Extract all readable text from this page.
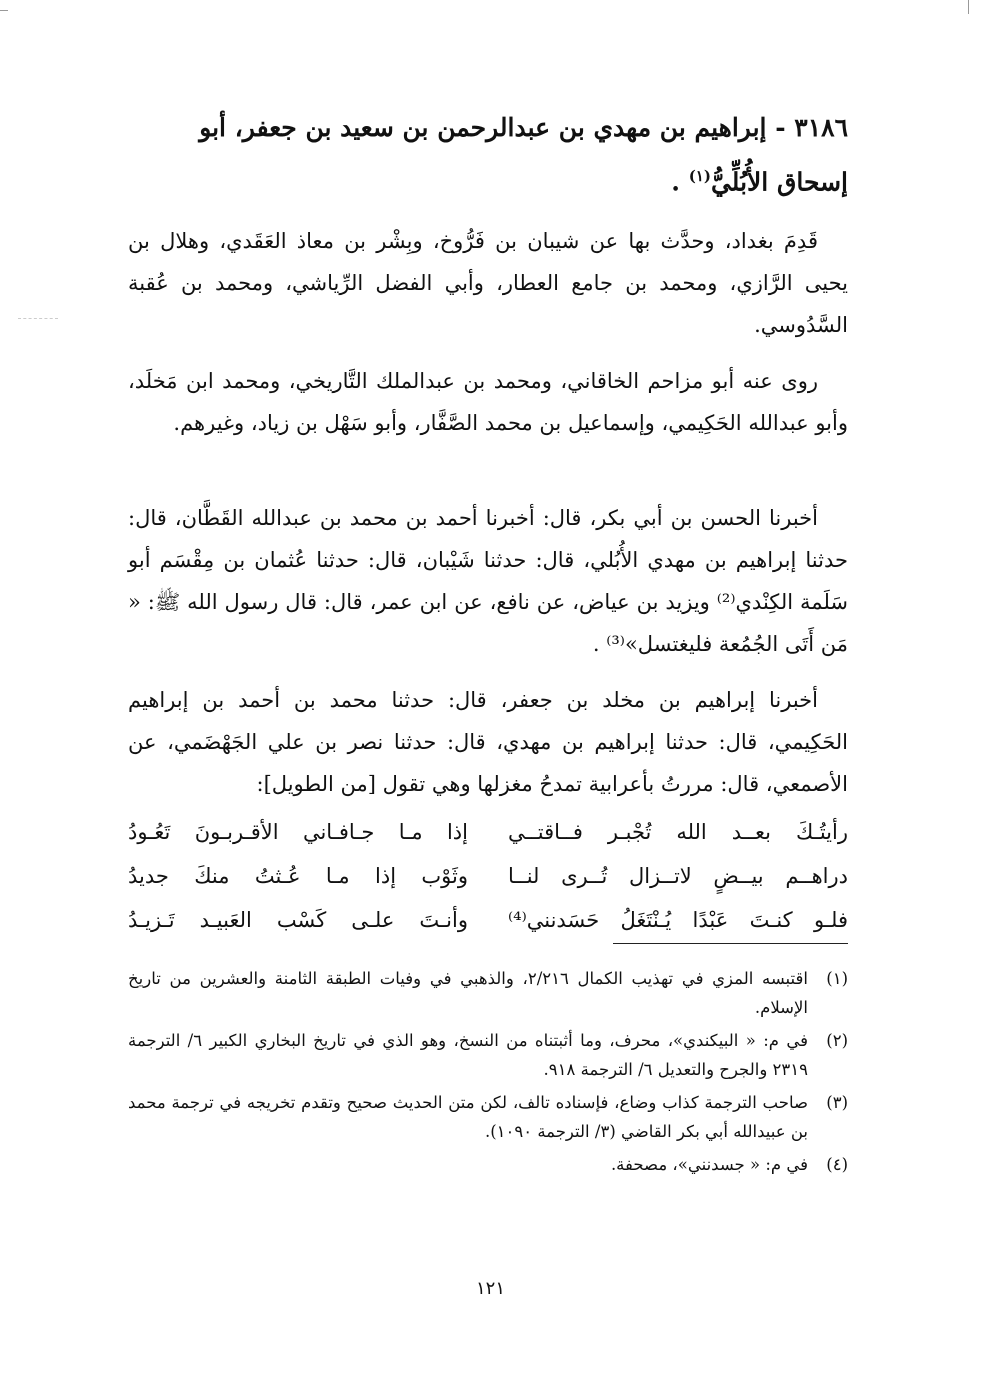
٣١٨٦ - إبراهيم بن مهدي بن عبدالرحمن بن سعيد بن جعفر، أبو
إسحاق الأُبُلِّيُّ$^{(١)}$ .
قَدِمَ بغداد، وحدَّث بها عن شيبان بن فَرُّوخ، وبِشْر بن معاذ العَقَدي، وهلال بن يحيى الرَّازي، ومحمد بن جامع العطار، وأبي الفضل الرِّياشي، ومحمد بن عُقبة السَّدُوسي.
روى عنه أبو مزاحم الخاقاني، ومحمد بن عبدالملك التَّاريخي، ومحمد ابن مَخلَد، وأبو عبدالله الحَكِيمي، وإسماعيل بن محمد الصَّفَّار، وأبو سَهْل بن زياد، وغيرهم.
أخبرنا الحسن بن أبي بكر، قال: أخبرنا أحمد بن محمد بن عبدالله القَطَّان، قال: حدثنا إبراهيم بن مهدي الأُبُلي، قال: حدثنا شَيْبان، قال: حدثنا عُثمان بن مِقْسَم أبو سَلَمة الكِنْدي⁽²⁾ ويزيد بن عياض، عن نافع، عن ابن عمر، قال: قال رسول الله ﷺ: « مَن أَتَى الجُمُعة فليغتسل»⁽³⁾ .
أخبرنا إبراهيم بن مخلد بن جعفر، قال: حدثنا محمد بن أحمد بن إبراهيم الحَكِيمي، قال: حدثنا إبراهيم بن مهدي، قال: حدثنا نصر بن علي الجَهْضَمي، عن الأصمعي، قال: مررتُ بأعرابية تمدحُ مغزلها وهي تقول [من الطويل]:
رأيتُـكَ بعــد الله تُجْبـر فــاقتــي
إذا مـا جـافـاني الأقـربـونَ تَعُـودُ
دراهــم بيــضٍ لاتــزال تُــرى لنــا
وثَوْب إذا مـا عُـثتُ منكَ جديدُ
فلـو كنـتَ عَبْدًا يُـنْتَغَلُ حَسَدنني⁽⁴⁾
وأنـتَ علـى كَسْب العَبيـد تَـزيـدُ
(١)
اقتبسه المزي في تهذيب الكمال ٢/٢١٦، والذهبي في وفيات الطبقة الثامنة والعشرين من تاريخ الإسلام.
(٢)
في م: « البيكندي»، محرف، وما أثبتناه من النسخ، وهو الذي في تاريخ البخاري الكبير ٦/ الترجمة ٢٣١٩ والجرح والتعديل ٦/ الترجمة ٩١٨.
(٣)
صاحب الترجمة كذاب وضاع، فإسناده تالف، لكن متن الحديث صحيح وتقدم تخريجه في ترجمة محمد بن عبيدالله أبي بكر القاضي (٣/ الترجمة ١٠٩٠).
(٤)
في م: « جسدنني»، مصحفة.
١٢١
